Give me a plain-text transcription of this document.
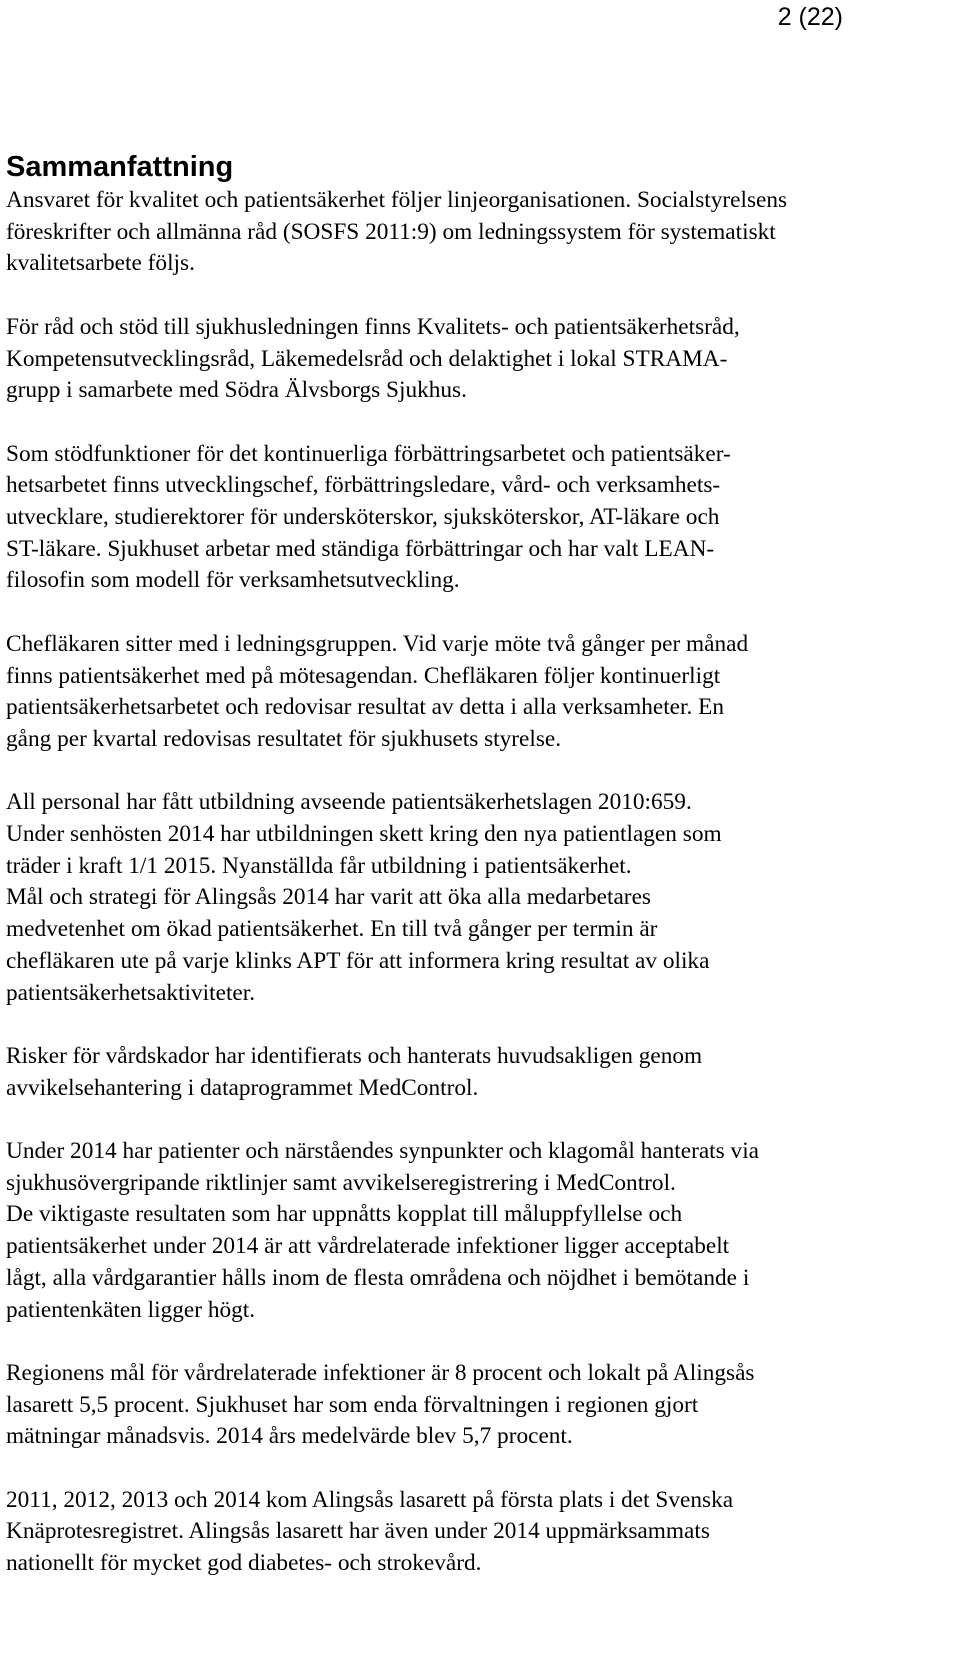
2 (22)
Sammanfattning

Ansvaret för kvalitet och patientsäkerhet följer linjeorganisationen. Socialstyrelsens
föreskrifter och allmänna råd (SOSFS 2011:9) om ledningssystem för systematiskt
kvalitetsarbete följs.

För råd och stöd till sjukhusledningen finns Kvalitets- och patientsäkerhetsråd,
Kompetensutvecklingsråd, Läkemedelsråd och delaktighet i lokal STRAMA-
grupp i samarbete med Södra Älvsborgs Sjukhus.

Som stödfunktioner för det kontinuerliga förbättringsarbetet och patientsäker-
hetsarbetet finns utvecklingschef, förbättringsledare, vård- och verksamhets-
utvecklare, studierektorer för undersköterskor, sjuksköterskor, AT-läkare och
ST-läkare. Sjukhuset arbetar med ständiga förbättringar och har valt LEAN-
filosofin som modell för verksamhetsutveckling.

Chefläkaren sitter med i ledningsgruppen. Vid varje möte två gånger per månad
finns patientsäkerhet med på mötesagendan. Chefläkaren följer kontinuerligt
patientsäkerhetsarbetet och redovisar resultat av detta i alla verksamheter. En
gång per kvartal redovisas resultatet för sjukhusets styrelse.

All personal har fått utbildning avseende patientsäkerhetslagen 2010:659.
Under senhösten 2014 har utbildningen skett kring den nya patientlagen som
träder i kraft 1/1 2015. Nyanställda får utbildning i patientsäkerhet.
Mål och strategi för Alingsås 2014 har varit att öka alla medarbetares
medvetenhet om ökad patientsäkerhet. En till två gånger per termin är
chefläkaren ute på varje klinks APT för att informera kring resultat av olika
patientsäkerhetsaktiviteter.

Risker för vårdskador har identifierats och hanterats huvudsakligen genom
avvikelsehantering i dataprogrammet MedControl.

Under 2014 har patienter och närståendes synpunkter och klagomål hanterats via
sjukhusövergripande riktlinjer samt avvikelseregistrering i MedControl.
De viktigaste resultaten som har uppnåtts kopplat till måluppfyllelse och
patientsäkerhet under 2014 är att vårdrelaterade infektioner ligger acceptabelt
lågt, alla vårdgarantier hålls inom de flesta områdena och nöjdhet i bemötande i
patientenkäten ligger högt.

Regionens mål för vårdrelaterade infektioner är 8 procent och lokalt på Alingsås
lasarett 5,5 procent. Sjukhuset har som enda förvaltningen i regionen gjort
mätningar månadsvis. 2014 års medelvärde blev 5,7 procent.

2011, 2012, 2013 och 2014 kom Alingsås lasarett på första plats i det Svenska
Knäprotesregistret. Alingsås lasarett har även under 2014 uppmärksammats
nationellt för mycket god diabetes- och strokevård.
